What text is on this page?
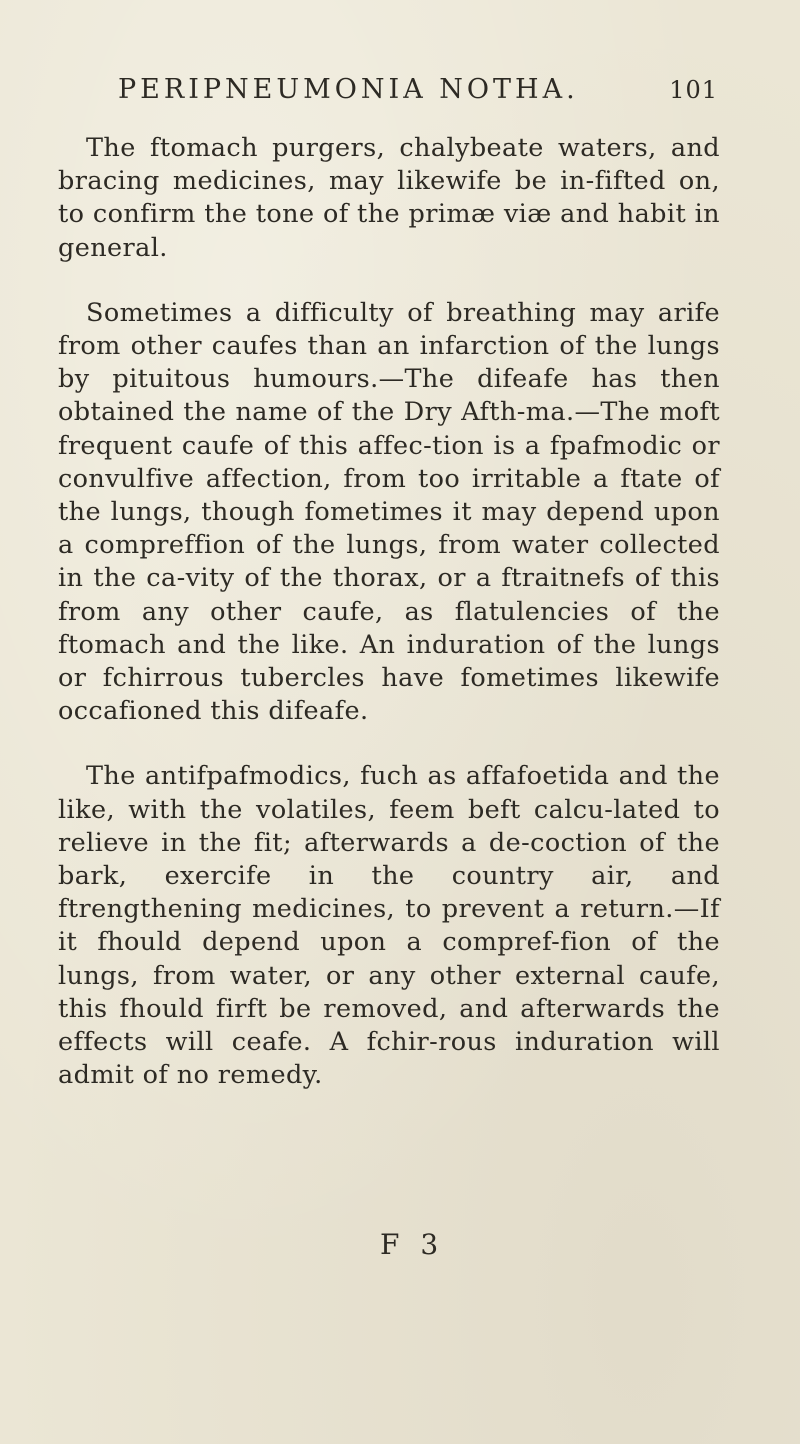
PERIPNEUMONIA NOTHA.	101

The ftomach purgers, chalybeate waters, and bracing medicines, may likewife be in-fifted on, to confirm the tone of the primæ viæ and habit in general.

Sometimes a difficulty of breathing may arife from other caufes than an infarction of the lungs by pituitous humours.—The difeafe has then obtained the name of the Dry Afth-ma.—The moft frequent caufe of this affec-tion is a fpafmodic or convulfive affection, from too irritable a ftate of the lungs, though fometimes it may depend upon a compreffion of the lungs, from water collected in the ca-vity of the thorax, or a ftraitnefs of this from any other caufe, as flatulencies of the ftomach and the like. An induration of the lungs or fchirrous tubercles have fometimes likewife occafioned this difeafe.

The antifpafmodics, fuch as affafoetida and the like, with the volatiles, feem beft calcu-lated to relieve in the fit; afterwards a de-coction of the bark, exercife in the country air, and ftrengthening medicines, to prevent a return.—If it fhould depend upon a compref-fion of the lungs, from water, or any other external caufe, this fhould firft be removed, and afterwards the effects will ceafe. A fchir-rous induration will admit of no remedy.

F 3
